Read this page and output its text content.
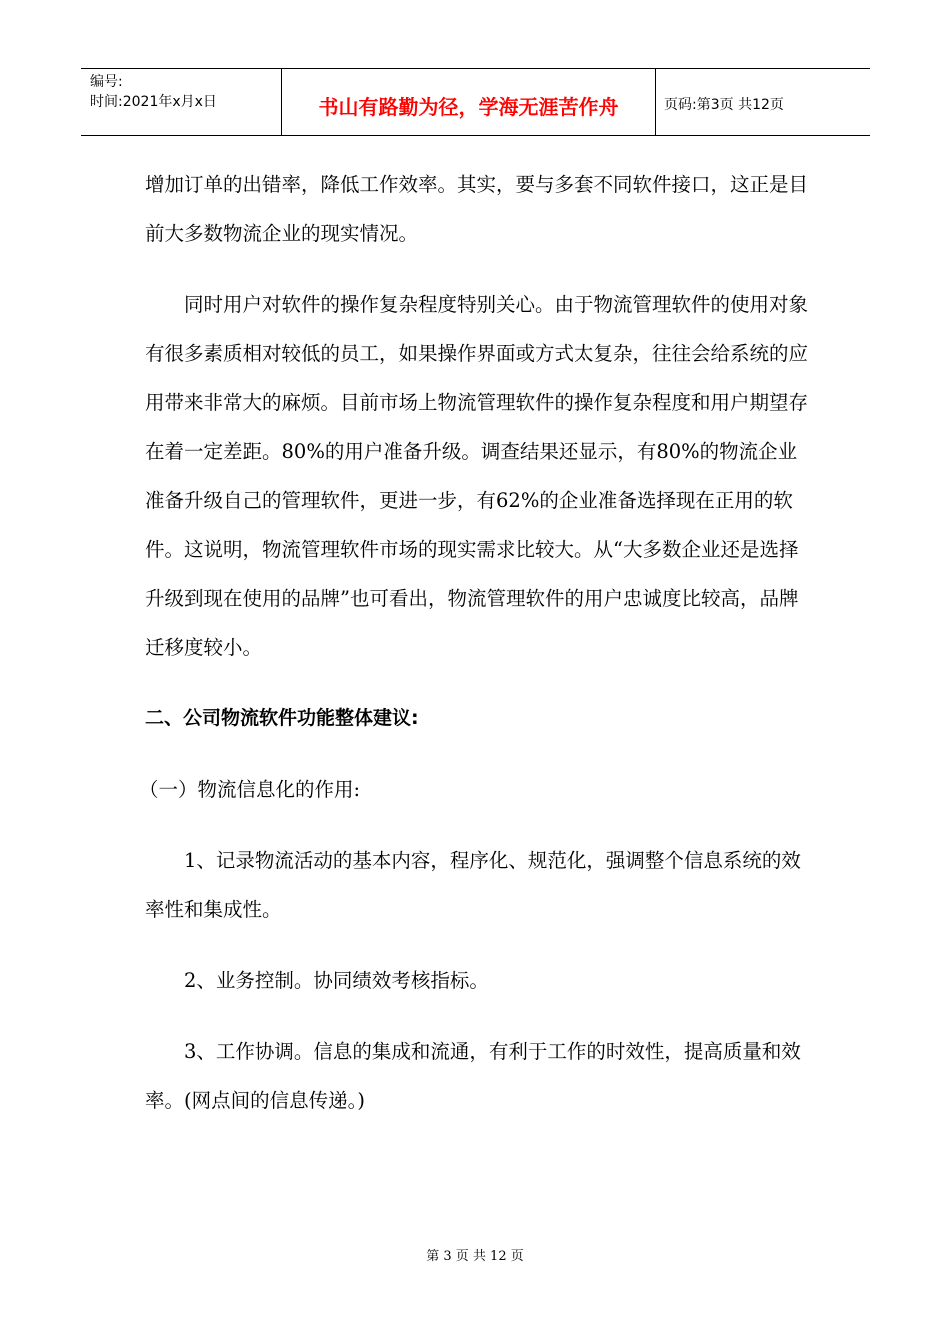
编号:
时间:2021年x月x日	书山有路勤为径，学海无涯苦作舟	页码:第3页 共12页

增加订单的出错率，降低工作效率。其实，要与多套不同软件接口，这正是目前大多数物流企业的现实情况。

同时用户对软件的操作复杂程度特别关心。由于物流管理软件的使用对象有很多素质相对较低的员工，如果操作界面或方式太复杂，往往会给系统的应用带来非常大的麻烦。目前市场上物流管理软件的操作复杂程度和用户期望存在着一定差距。80%的用户准备升级。调查结果还显示，有80%的物流企业准备升级自己的管理软件，更进一步，有62%的企业准备选择现在正用的软件。这说明，物流管理软件市场的现实需求比较大。从“大多数企业还是选择升级到现在使用的品牌”也可看出，物流管理软件的用户忠诚度比较高，品牌迁移度较小。

二、公司物流软件功能整体建议:

（一）物流信息化的作用:

1、记录物流活动的基本内容，程序化、规范化，强调整个信息系统的效率性和集成性。

2、业务控制。协同绩效考核指标。

3、工作协调。信息的集成和流通，有利于工作的时效性，提高质量和效率。(网点间的信息传递。)

第 3 页 共 12 页
